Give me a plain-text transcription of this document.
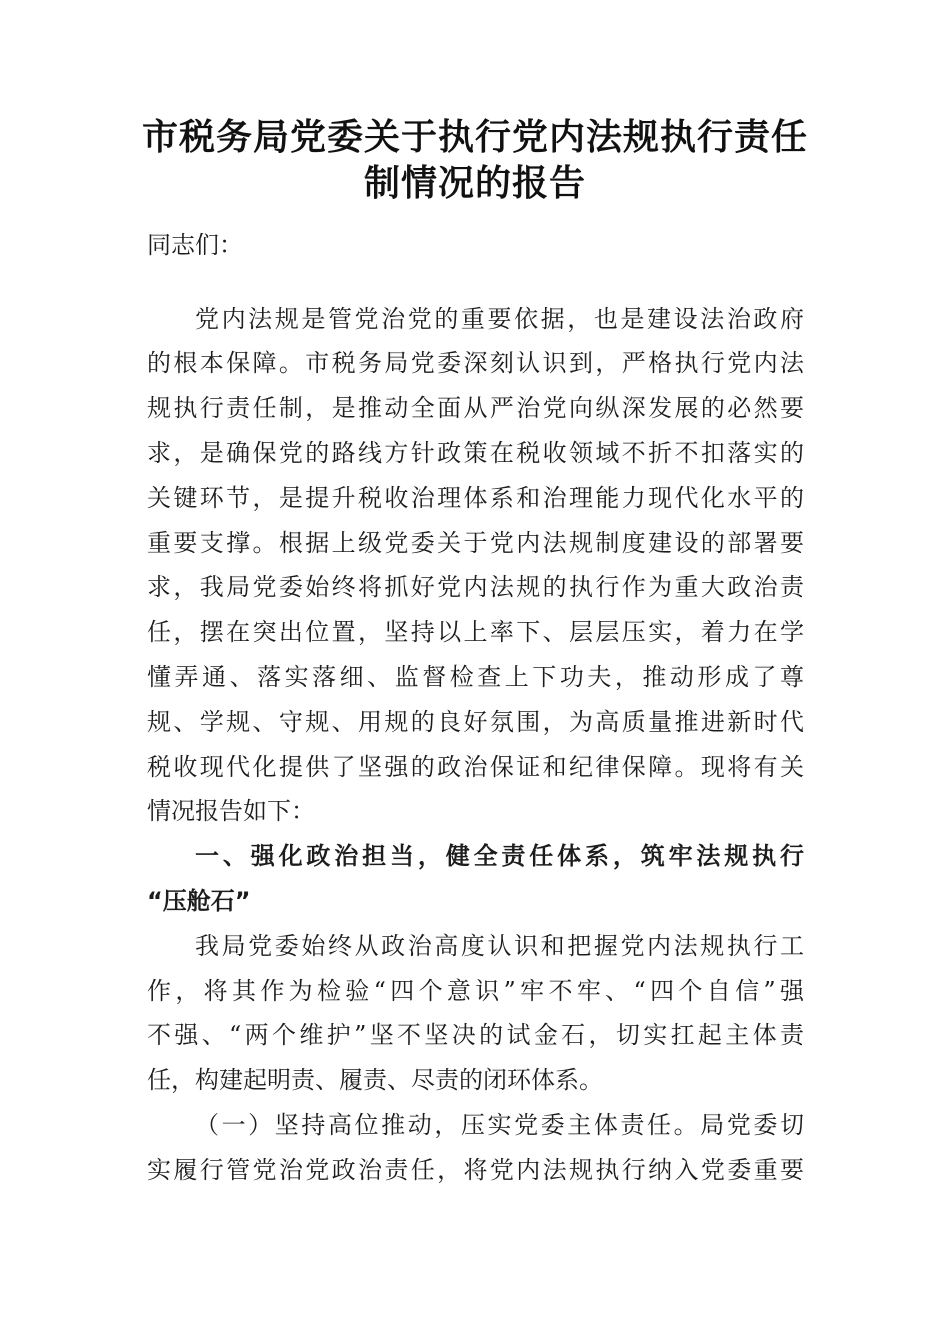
市税务局党委关于执行党内法规执行责任
制情况的报告
同志们：
党内法规是管党治党的重要依据，也是建设法治政府
的根本保障。市税务局党委深刻认识到，严格执行党内法
规执行责任制，是推动全面从严治党向纵深发展的必然要
求，是确保党的路线方针政策在税收领域不折不扣落实的
关键环节，是提升税收治理体系和治理能力现代化水平的
重要支撑。根据上级党委关于党内法规制度建设的部署要
求，我局党委始终将抓好党内法规的执行作为重大政治责
任，摆在突出位置，坚持以上率下、层层压实，着力在学
懂弄通、落实落细、监督检查上下功夫，推动形成了尊
规、学规、守规、用规的良好氛围，为高质量推进新时代
税收现代化提供了坚强的政治保证和纪律保障。现将有关
情况报告如下：
一、强化政治担当，健全责任体系，筑牢法规执行
“压舱石”
我局党委始终从政治高度认识和把握党内法规执行工
作，将其作为检验“四个意识”牢不牢、“四个自信”强
不强、“两个维护”坚不坚决的试金石，切实扛起主体责
任，构建起明责、履责、尽责的闭环体系。
（一）坚持高位推动，压实党委主体责任。局党委切
实履行管党治党政治责任，将党内法规执行纳入党委重要
